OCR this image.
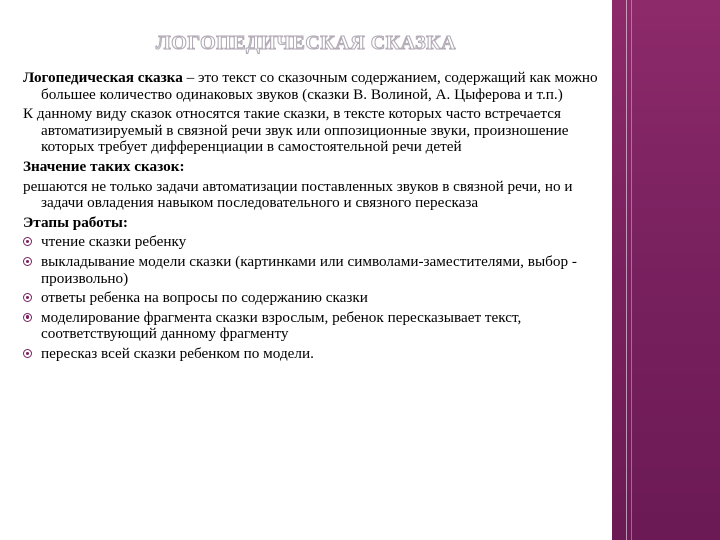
ЛОГОПЕДИЧЕСКАЯ СКАЗКА

Логопедическая сказка – это текст со сказочным содержанием, содержащий как можно большее количество одинаковых звуков (сказки В. Волиной, А. Цыферова и т.п.)

К данному виду сказок относятся такие сказки, в тексте которых часто встречается автоматизируемый в связной речи звук или оппозиционные звуки, произношение которых требует дифференциации в самостоятельной речи детей

Значение таких сказок:

решаются не только задачи автоматизации поставленных звуков в связной речи, но и задачи овладения навыком последовательного и связного пересказа

Этапы работы:

чтение сказки ребенку
выкладывание модели сказки (картинками или символами-заместителями, выбор - произвольно)
ответы ребенка на вопросы по содержанию сказки
моделирование фрагмента сказки взрослым, ребенок пересказывает текст, соответствующий данному фрагменту
пересказ всей сказки ребенком по модели.
